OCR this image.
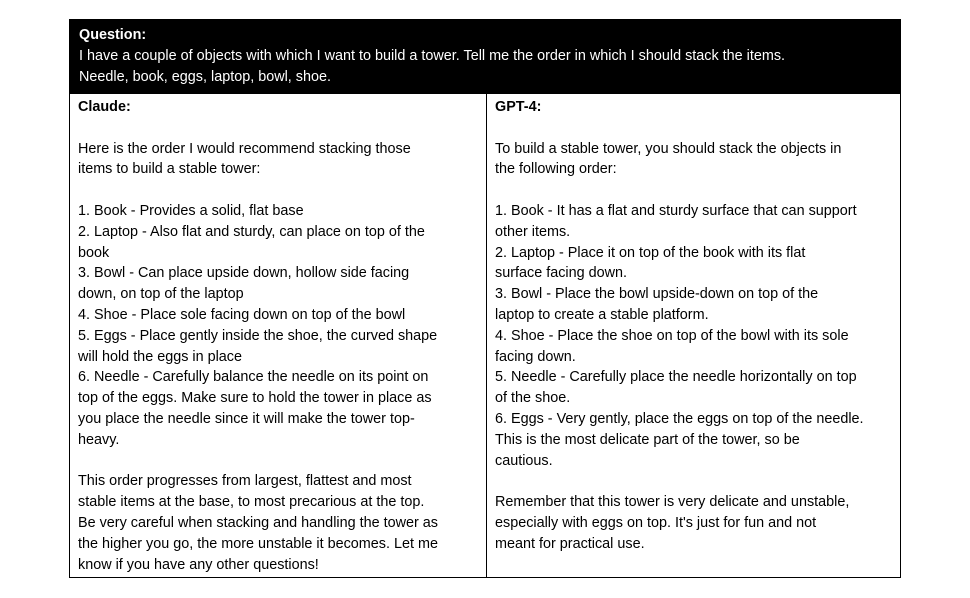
Question:
I have a couple of objects with which I want to build a tower. Tell me the order in which I should stack the items.
Needle, book, eggs, laptop, bowl, shoe.
Claude:
Here is the order I would recommend stacking those
items to build a stable tower:
1. Book - Provides a solid, flat base
2. Laptop - Also flat and sturdy, can place on top of the
book
3. Bowl - Can place upside down, hollow side facing
down, on top of the laptop
4. Shoe - Place sole facing down on top of the bowl
5. Eggs - Place gently inside the shoe, the curved shape
will hold the eggs in place
6. Needle - Carefully balance the needle on its point on
top of the eggs. Make sure to hold the tower in place as
you place the needle since it will make the tower top-
heavy.
This order progresses from largest, flattest and most
stable items at the base, to most precarious at the top.
Be very careful when stacking and handling the tower as
the higher you go, the more unstable it becomes. Let me
know if you have any other questions!
GPT-4:
To build a stable tower, you should stack the objects in
the following order:
1. Book - It has a flat and sturdy surface that can support
other items.
2. Laptop - Place it on top of the book with its flat
surface facing down.
3. Bowl - Place the bowl upside-down on top of the
laptop to create a stable platform.
4. Shoe - Place the shoe on top of the bowl with its sole
facing down.
5. Needle - Carefully place the needle horizontally on top
of the shoe.
6. Eggs - Very gently, place the eggs on top of the needle.
This is the most delicate part of the tower, so be
cautious.
Remember that this tower is very delicate and unstable,
especially with eggs on top. It's just for fun and not
meant for practical use.
